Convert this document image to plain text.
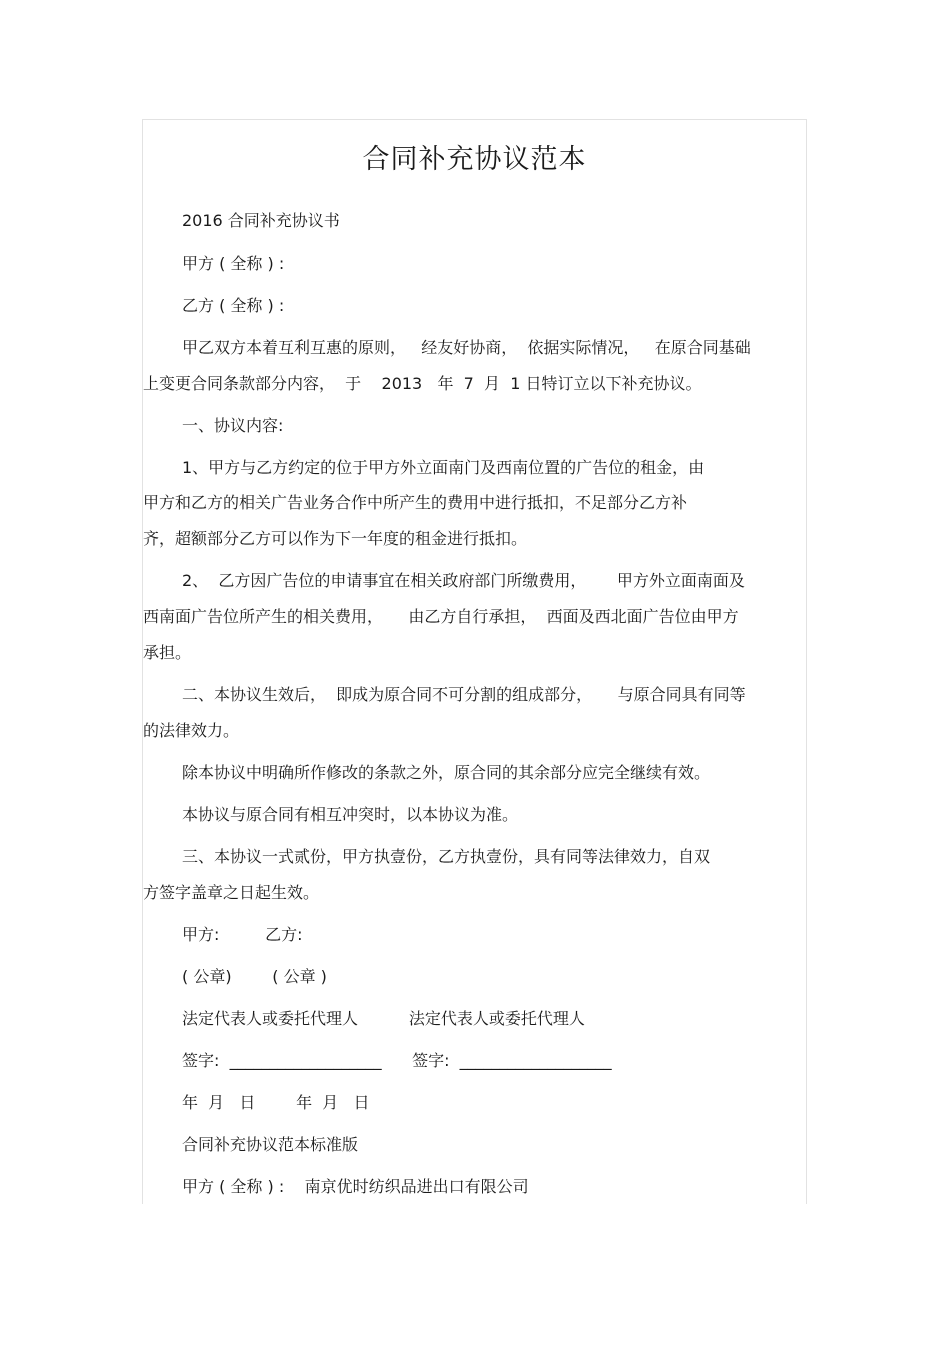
合同补充协议范本
2016 合同补充协议书
甲方 ( 全称 ) :
乙方 ( 全称 ) :
甲乙双方本着互利互惠的原则，   经友好协商，  依据实际情况，   在原合同基础
上变更合同条款部分内容，  于    2013   年  7  月  1 日特订立以下补充协议。
一、协议内容:
1、甲方与乙方约定的位于甲方外立面南门及西南位置的广告位的租金，由
甲方和乙方的相关广告业务合作中所产生的费用中进行抵扣，不足部分乙方补
齐，超额部分乙方可以作为下一年度的租金进行抵扣。
2、  乙方因广告位的申请事宜在相关政府部门所缴费用，      甲方外立面南面及
西南面广告位所产生的相关费用，     由乙方自行承担，  西面及西北面广告位由甲方
承担。
二、本协议生效后，  即成为原合同不可分割的组成部分，     与原合同具有同等
的法律效力。
除本协议中明确所作修改的条款之外，原合同的其余部分应完全继续有效。
本协议与原合同有相互冲突时，以本协议为准。
三、本协议一式贰份，甲方执壹份，乙方执壹份，具有同等法律效力，自双
方签字盖章之日起生效。
甲方:         乙方:
( 公章)        ( 公章 )
法定代表人或委托代理人          法定代表人或委托代理人
签字:  ___________________      签字:  ___________________
年  月   日        年  月   日
合同补充协议范本标准版
甲方 ( 全称 ) :    南京优时纺织品进出口有限公司
